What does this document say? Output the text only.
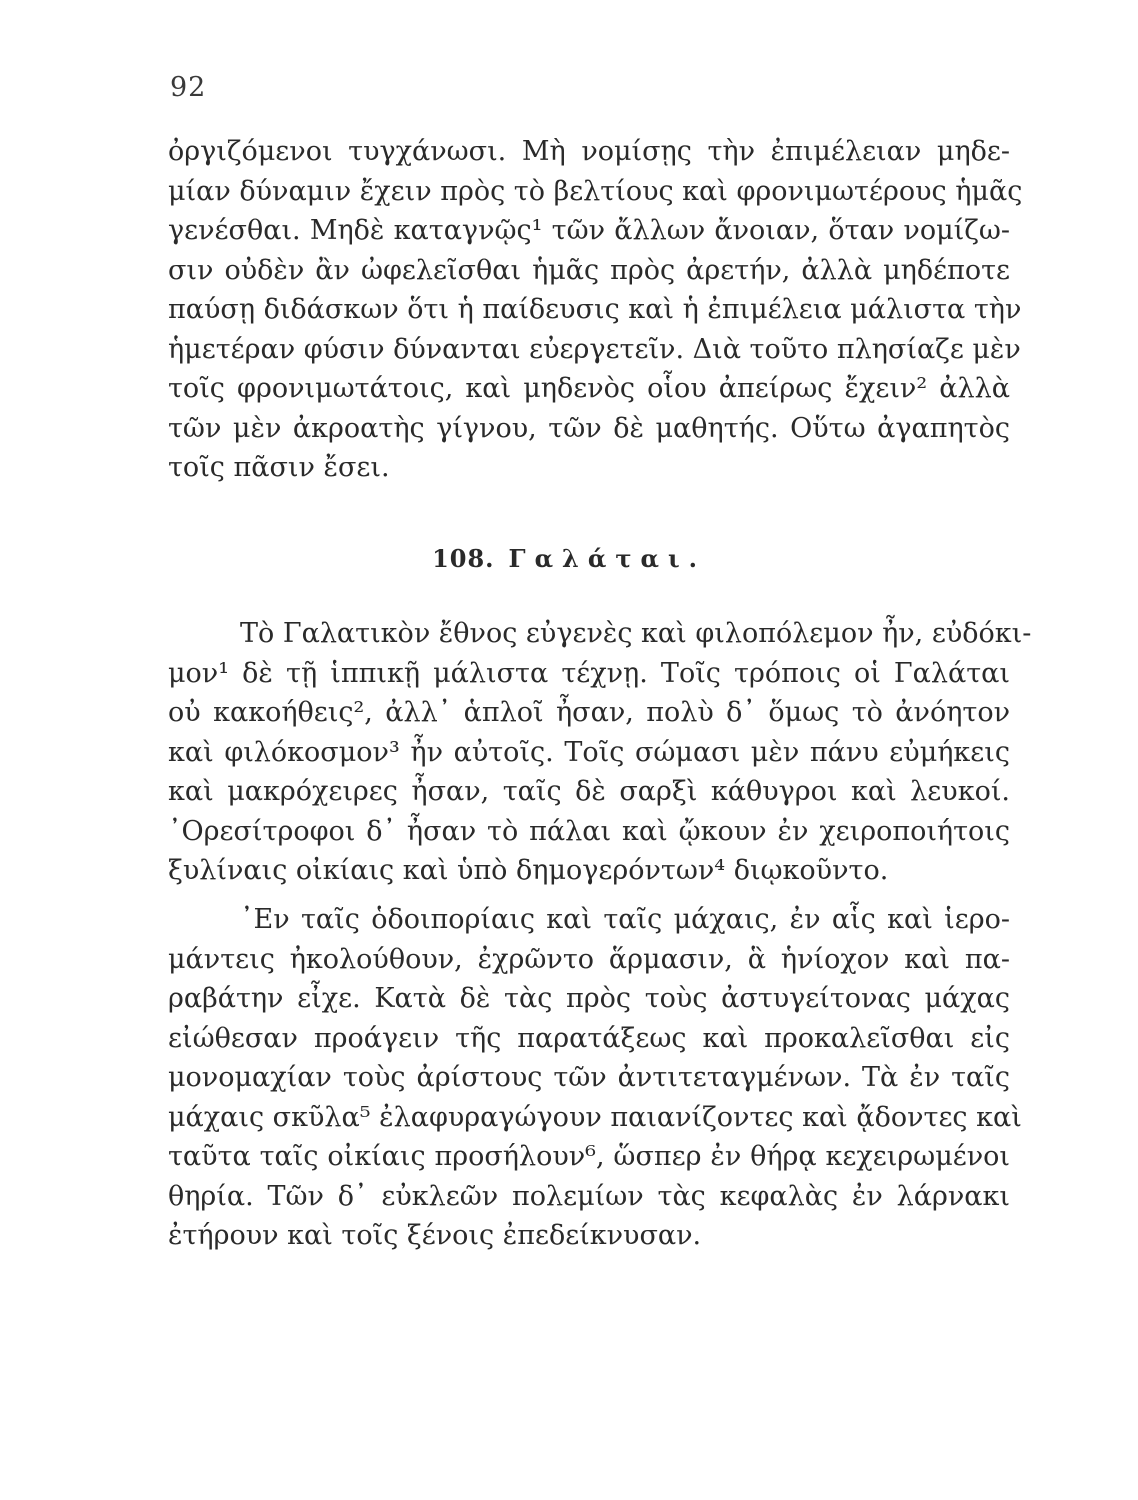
92
ὀργιζόμενοι τυγχάνωσι. Μὴ νομίσῃς τὴν ἐπιμέλειαν μηδε-
μίαν δύναμιν ἔχειν πρὸς τὸ βελτίους καὶ φρονιμωτέρους ἡμᾶς
γενέσθαι. Μηδὲ καταγνῷς¹ τῶν ἄλλων ἄνοιαν, ὅταν νομίζω-
σιν οὐδὲν ἂν ὠφελεῖσθαι ἡμᾶς πρὸς ἀρετήν, ἀλλὰ μηδέποτε
παύσῃ διδάσκων ὅτι ἡ παίδευσις καὶ ἡ ἐπιμέλεια μάλιστα τὴν
ἡμετέραν φύσιν δύνανται εὐεργετεῖν. Διὰ τοῦτο πλησίαζε μὲν
τοῖς φρονιμωτάτοις, καὶ μηδενὸς οἷου ἀπείρως ἔχειν² ἀλλὰ
τῶν μὲν ἀκροατὴς γίγνου, τῶν δὲ μαθητής. Οὕτω ἀγαπητὸς
τοῖς πᾶσιν ἔσει.
108. Γαλάται.
Τὸ Γαλατικὸν ἔθνος εὐγενὲς καὶ φιλοπόλεμον ἦν, εὐδόκι-
μον¹ δὲ τῇ ἱππικῇ μάλιστα τέχνῃ. Τοῖς τρόποις οἱ Γαλάται
οὐ κακοήθεις², ἀλλ᾽ ἁπλοῖ ἦσαν, πολὺ δ᾽ ὅμως τὸ ἀνόητον
καὶ φιλόκοσμον³ ἦν αὐτοῖς. Τοῖς σώμασι μὲν πάνυ εὐμήκεις
καὶ μακρόχειρες ἦσαν, ταῖς δὲ σαρξὶ κάθυγροι καὶ λευκοί.
᾽Ορεσίτροφοι δ᾽ ἦσαν τὸ πάλαι καὶ ᾤκουν ἐν χειροποιήτοις
ξυλίναις οἰκίαις καὶ ὑπὸ δημογερόντων⁴ διῳκοῦντο.
᾽Εν ταῖς ὁδοιπορίαις καὶ ταῖς μάχαις, ἐν αἷς καὶ ἱερο-
μάντεις ἠκολούθουν, ἐχρῶντο ἅρμασιν, ἃ ἡνίοχον καὶ πα-
ραβάτην εἶχε. Κατὰ δὲ τὰς πρὸς τοὺς ἀστυγείτονας μάχας
εἰώθεσαν προάγειν τῆς παρατάξεως καὶ προκαλεῖσθαι εἰς
μονομαχίαν τοὺς ἀρίστους τῶν ἀντιτεταγμένων. Τὰ ἐν ταῖς
μάχαις σκῦλα⁵ ἐλαφυραγώγουν παιανίζοντες καὶ ᾄδοντες καὶ
ταῦτα ταῖς οἰκίαις προσήλουν⁶, ὥσπερ ἐν θήρᾳ κεχειρωμένοι
θηρία. Τῶν δ᾽ εὐκλεῶν πολεμίων τὰς κεφαλὰς ἐν λάρνακι
ἐτήρουν καὶ τοῖς ξένοις ἐπεδείκνυσαν.
